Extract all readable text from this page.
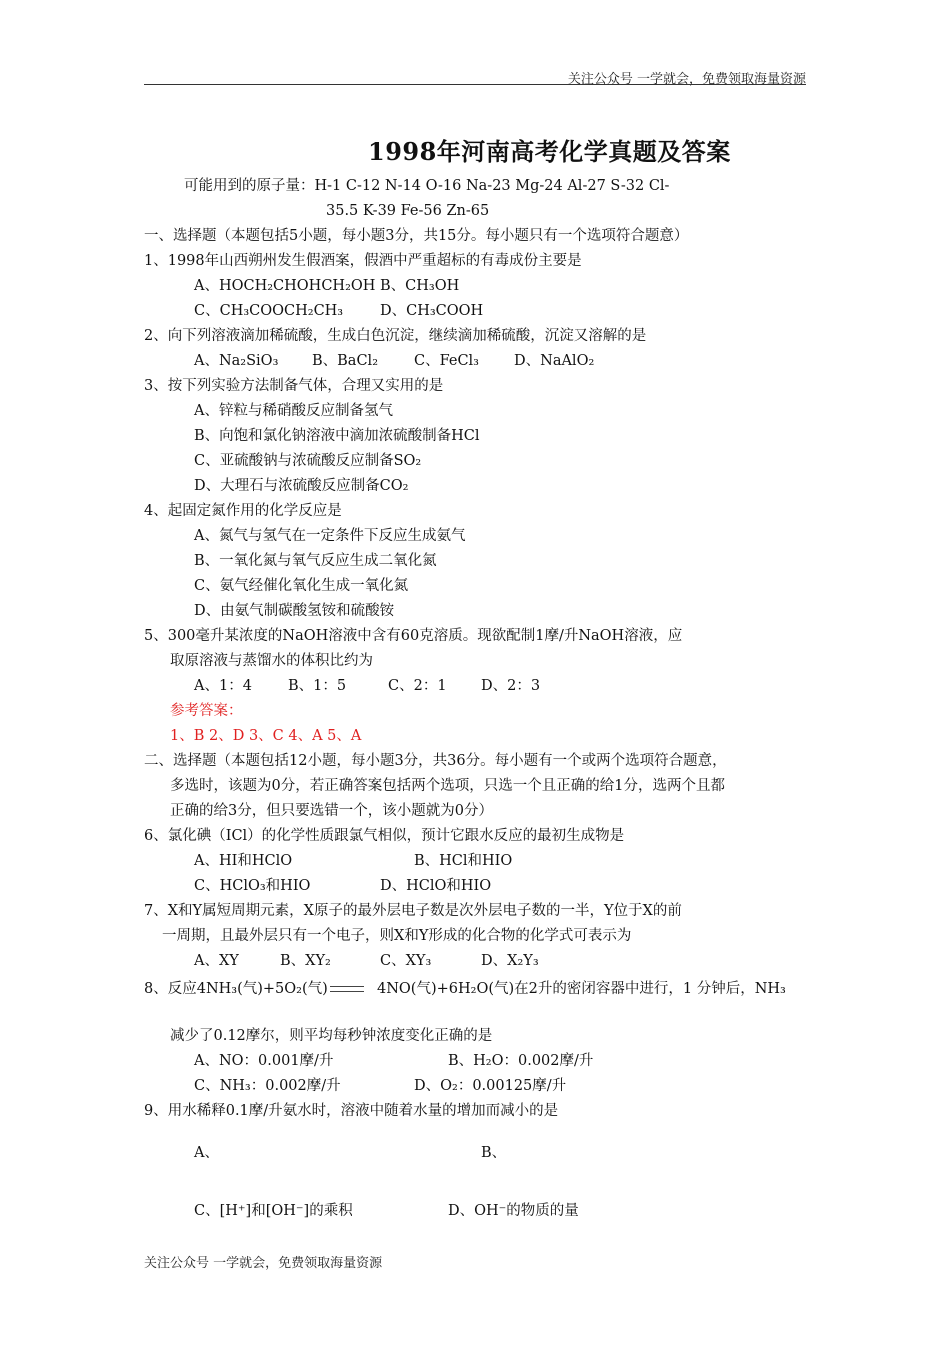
关注公众号 一学就会，免费领取海量资源
1998年河南高考化学真题及答案
可能用到的原子量：H-1 C-12 N-14 O-16 Na-23 Mg-24 Al-27 S-32 Cl-
35.5 K-39 Fe-56 Zn-65
一、选择题（本题包括5小题，每小题3分，共15分。每小题只有一个选项符合题意）
1、1998年山西朔州发生假酒案，假酒中严重超标的有毒成份主要是
A、HOCH₂CHOHCH₂OH B、CH₃OH
C、CH₃COOCH₂CH₃	D、CH₃COOH
2、向下列溶液滴加稀硫酸，生成白色沉淀，继续滴加稀硫酸，沉淀又溶解的是
A、Na₂SiO₃ B、BaCl₂ C、FeCl₃ D、NaAlO₂
3、按下列实验方法制备气体，合理又实用的是
A、锌粒与稀硝酸反应制备氢气
B、向饱和氯化钠溶液中滴加浓硫酸制备HCl
C、亚硫酸钠与浓硫酸反应制备SO₂
D、大理石与浓硫酸反应制备CO₂
4、起固定氮作用的化学反应是
A、氮气与氢气在一定条件下反应生成氨气
B、一氧化氮与氧气反应生成二氧化氮
C、氨气经催化氧化生成一氧化氮
D、由氨气制碳酸氢铵和硫酸铵
5、300毫升某浓度的NaOH溶液中含有60克溶质。现欲配制1摩/升NaOH溶液，应
取原溶液与蒸馏水的体积比约为
A、1：4 B、1：5	C、2：1 D、2：3
参考答案：
1、B 2、D 3、C 4、A 5、A
二、选择题（本题包括12小题，每小题3分，共36分。每小题有一个或两个选项符合题意，
多选时，该题为0分，若正确答案包括两个选项，只选一个且正确的给1分，选两个且都
正确的给3分，但只要选错一个，该小题就为0分）
6、氯化碘（ICl）的化学性质跟氯气相似，预计它跟水反应的最初生成物是
A、HI和HClO	B、HCl和HIO
C、HClO₃和HIO	D、HClO和HIO
7、X和Y属短周期元素，X原子的最外层电子数是次外层电子数的一半，Y位于X的前
一周期，且最外层只有一个电子，则X和Y形成的化合物的化学式可表示为
A、XY	B、XY₂	C、XY₃	D、X₂Y₃
8、反应4NH₃(气)+5O₂(气)	4NO(气)+6H₂O(气)在2升的密闭容器中进行，1 分钟后，NH₃
减少了0.12摩尔，则平均每秒钟浓度变化正确的是
A、NO：0.001摩/升	B、H₂O：0.002摩/升
C、NH₃：0.002摩/升	D、O₂：0.00125摩/升
9、用水稀释0.1摩/升氨水时，溶液中随着水量的增加而减小的是
A、	B、
C、[H⁺]和[OH⁻]的乘积	D、OH⁻的物质的量
关注公众号 一学就会，免费领取海量资源
